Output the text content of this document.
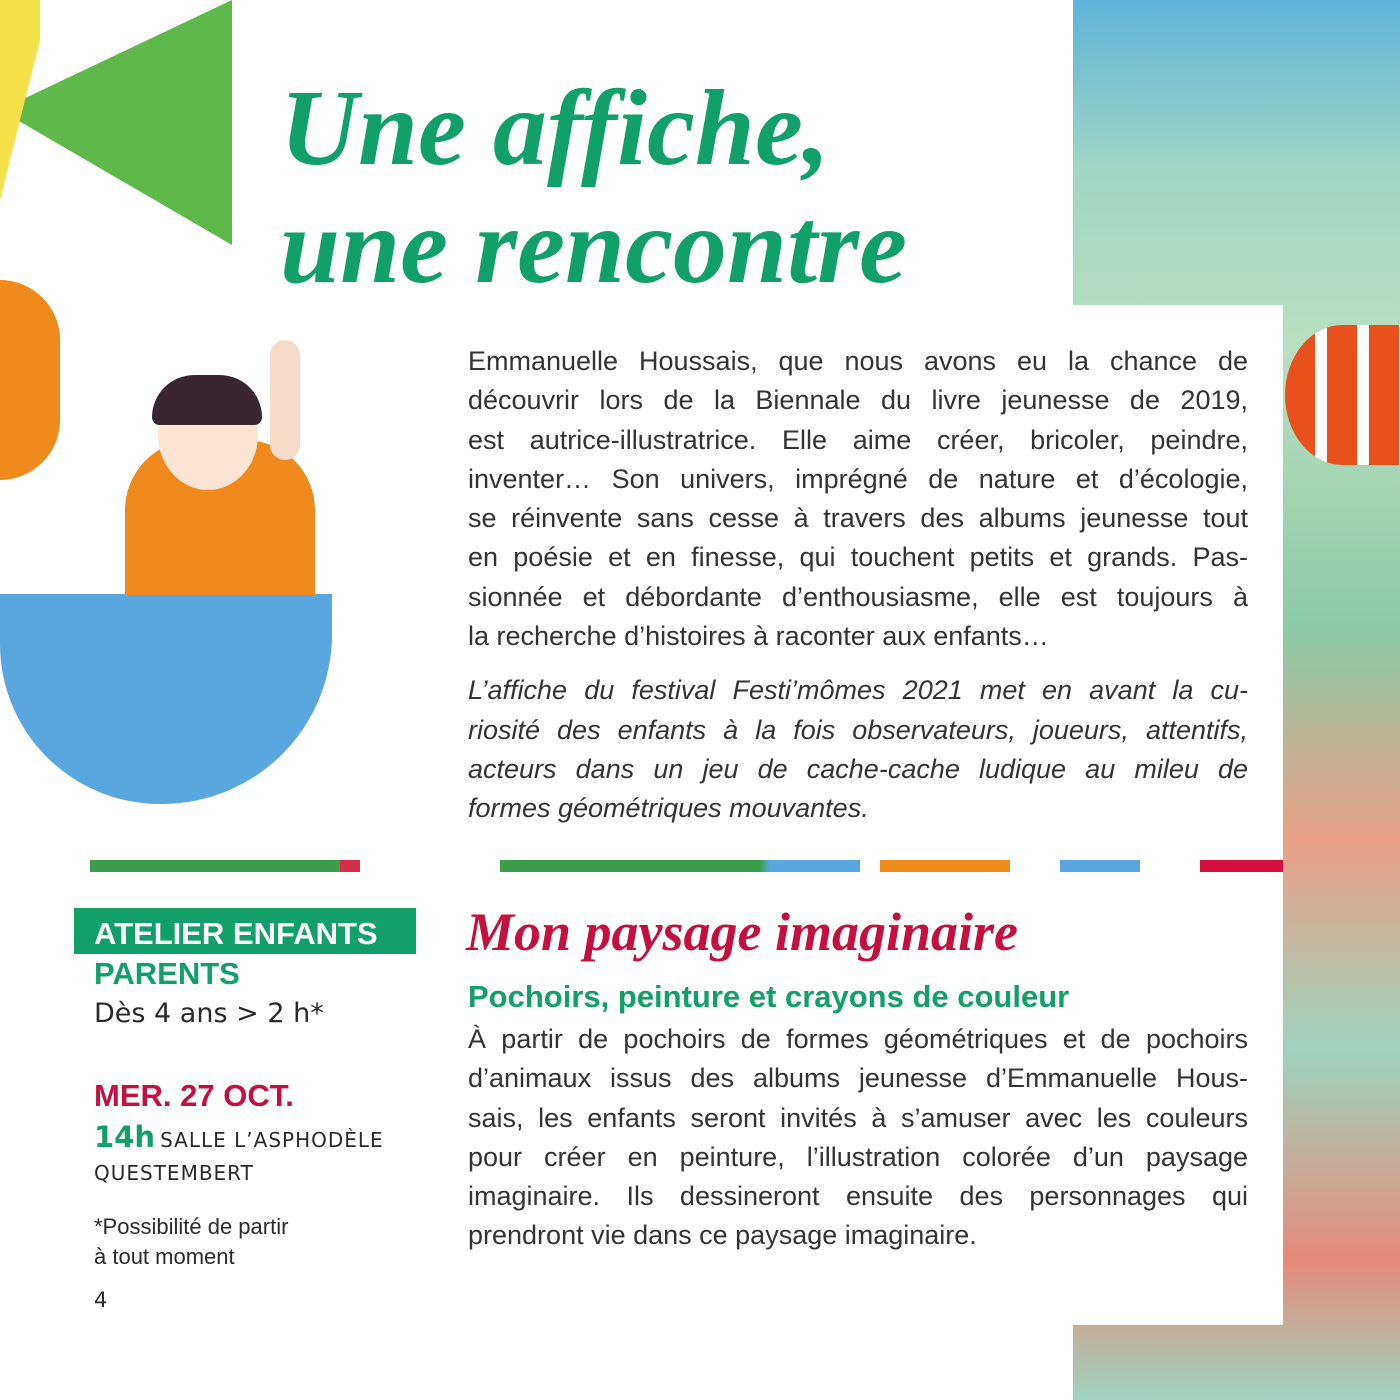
Une affiche,
une rencontre
Emmanuelle Houssais, que nous avons eu la chance de
découvrir lors de la Biennale du livre jeunesse de 2019,
est autrice-illustratrice. Elle aime créer, bricoler, peindre,
inventer… Son univers, imprégné de nature et d’écologie,
se réinvente sans cesse à travers des albums jeunesse tout
en poésie et en finesse, qui touchent petits et grands. Pas-
sionnée et débordante d’enthousiasme, elle est toujours à
la recherche d’histoires à raconter aux enfants…
L’affiche du festival Festi’mômes 2021 met en avant la cu-
riosité des enfants à la fois observateurs, joueurs, attentifs,
acteurs dans un jeu de cache-cache ludique au mileu de
formes géométriques mouvantes.
ATELIER ENFANTS
PARENTS
Dès 4 ans > 2 h*
MER. 27 OCT.
14h SALLE L’ASPHODÈLE
QUESTEMBERT
*Possibilité de partir
à tout moment
4
Mon paysage imaginaire
Pochoirs, peinture et crayons de couleur
À partir de pochoirs de formes géométriques et de pochoirs
d’animaux issus des albums jeunesse d’Emmanuelle Hous-
sais, les enfants seront invités à s’amuser avec les couleurs
pour créer en peinture, l’illustration colorée d’un paysage
imaginaire. Ils dessineront ensuite des personnages qui
prendront vie dans ce paysage imaginaire.
